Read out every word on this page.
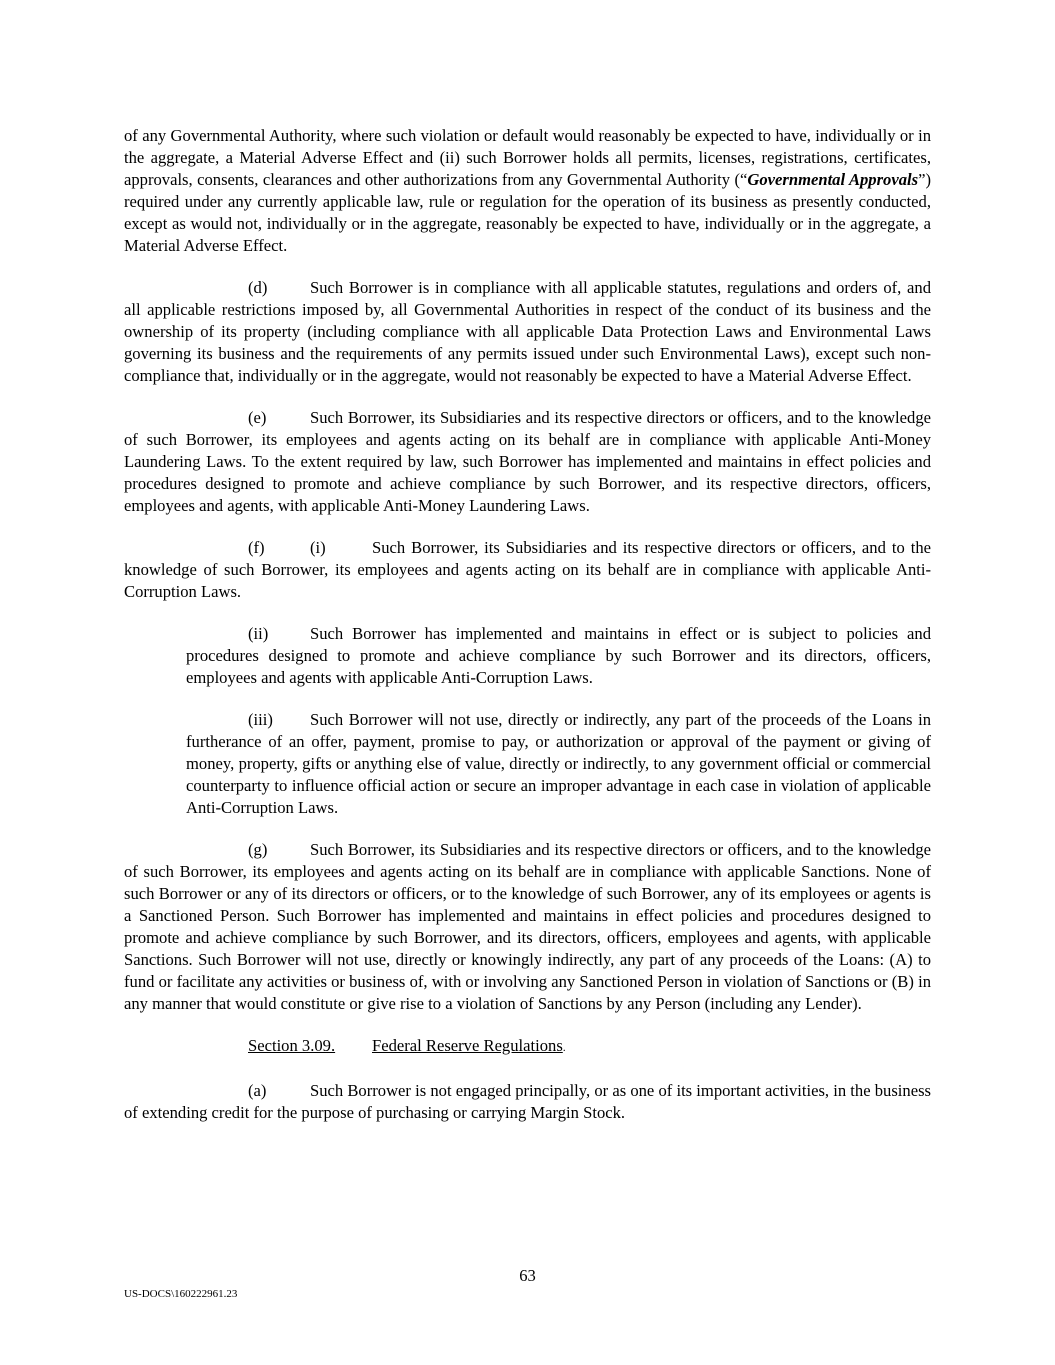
of any Governmental Authority, where such violation or default would reasonably be expected to have, individually or in the aggregate, a Material Adverse Effect and (ii) such Borrower holds all permits, licenses, registrations, certificates, approvals, consents, clearances and other authorizations from any Governmental Authority (“Governmental Approvals”) required under any currently applicable law, rule or regulation for the operation of its business as presently conducted, except as would not, individually or in the aggregate, reasonably be expected to have, individually or in the aggregate, a Material Adverse Effect.

(d)	Such Borrower is in compliance with all applicable statutes, regulations and orders of, and all applicable restrictions imposed by, all Governmental Authorities in respect of the conduct of its business and the ownership of its property (including compliance with all applicable Data Protection Laws and Environmental Laws governing its business and the requirements of any permits issued under such Environmental Laws), except such non-compliance that, individually or in the aggregate, would not reasonably be expected to have a Material Adverse Effect.

(e)	Such Borrower, its Subsidiaries and its respective directors or officers, and to the knowledge of such Borrower, its employees and agents acting on its behalf are in compliance with applicable Anti-Money Laundering Laws. To the extent required by law, such Borrower has implemented and maintains in effect policies and procedures designed to promote and achieve compliance by such Borrower, and its respective directors, officers, employees and agents, with applicable Anti-Money Laundering Laws.

(f)	(i)	Such Borrower, its Subsidiaries and its respective directors or officers, and to the knowledge of such Borrower, its employees and agents acting on its behalf are in compliance with applicable Anti-Corruption Laws.

(ii)	Such Borrower has implemented and maintains in effect or is subject to policies and procedures designed to promote and achieve compliance by such Borrower and its directors, officers, employees and agents with applicable Anti-Corruption Laws.

(iii) Such Borrower will not use, directly or indirectly, any part of the proceeds of the Loans in furtherance of an offer, payment, promise to pay, or authorization or approval of the payment or giving of money, property, gifts or anything else of value, directly or indirectly, to any government official or commercial counterparty to influence official action or secure an improper advantage in each case in violation of applicable Anti-Corruption Laws.

(g)	Such Borrower, its Subsidiaries and its respective directors or officers, and to the knowledge of such Borrower, its employees and agents acting on its behalf are in compliance with applicable Sanctions. None of such Borrower or any of its directors or officers, or to the knowledge of such Borrower, any of its employees or agents is a Sanctioned Person. Such Borrower has implemented and maintains in effect policies and procedures designed to promote and achieve compliance by such Borrower, and its directors, officers, employees and agents, with applicable Sanctions. Such Borrower will not use, directly or knowingly indirectly, any part of any proceeds of the Loans: (A) to fund or facilitate any activities or business of, with or involving any Sanctioned Person in violation of Sanctions or (B) in any manner that would constitute or give rise to a violation of Sanctions by any Person (including any Lender).

Section 3.09. Federal Reserve Regulations.

(a)	Such Borrower is not engaged principally, or as one of its important activities, in the business of extending credit for the purpose of purchasing or carrying Margin Stock.

63
US-DOCS\160222961.23
